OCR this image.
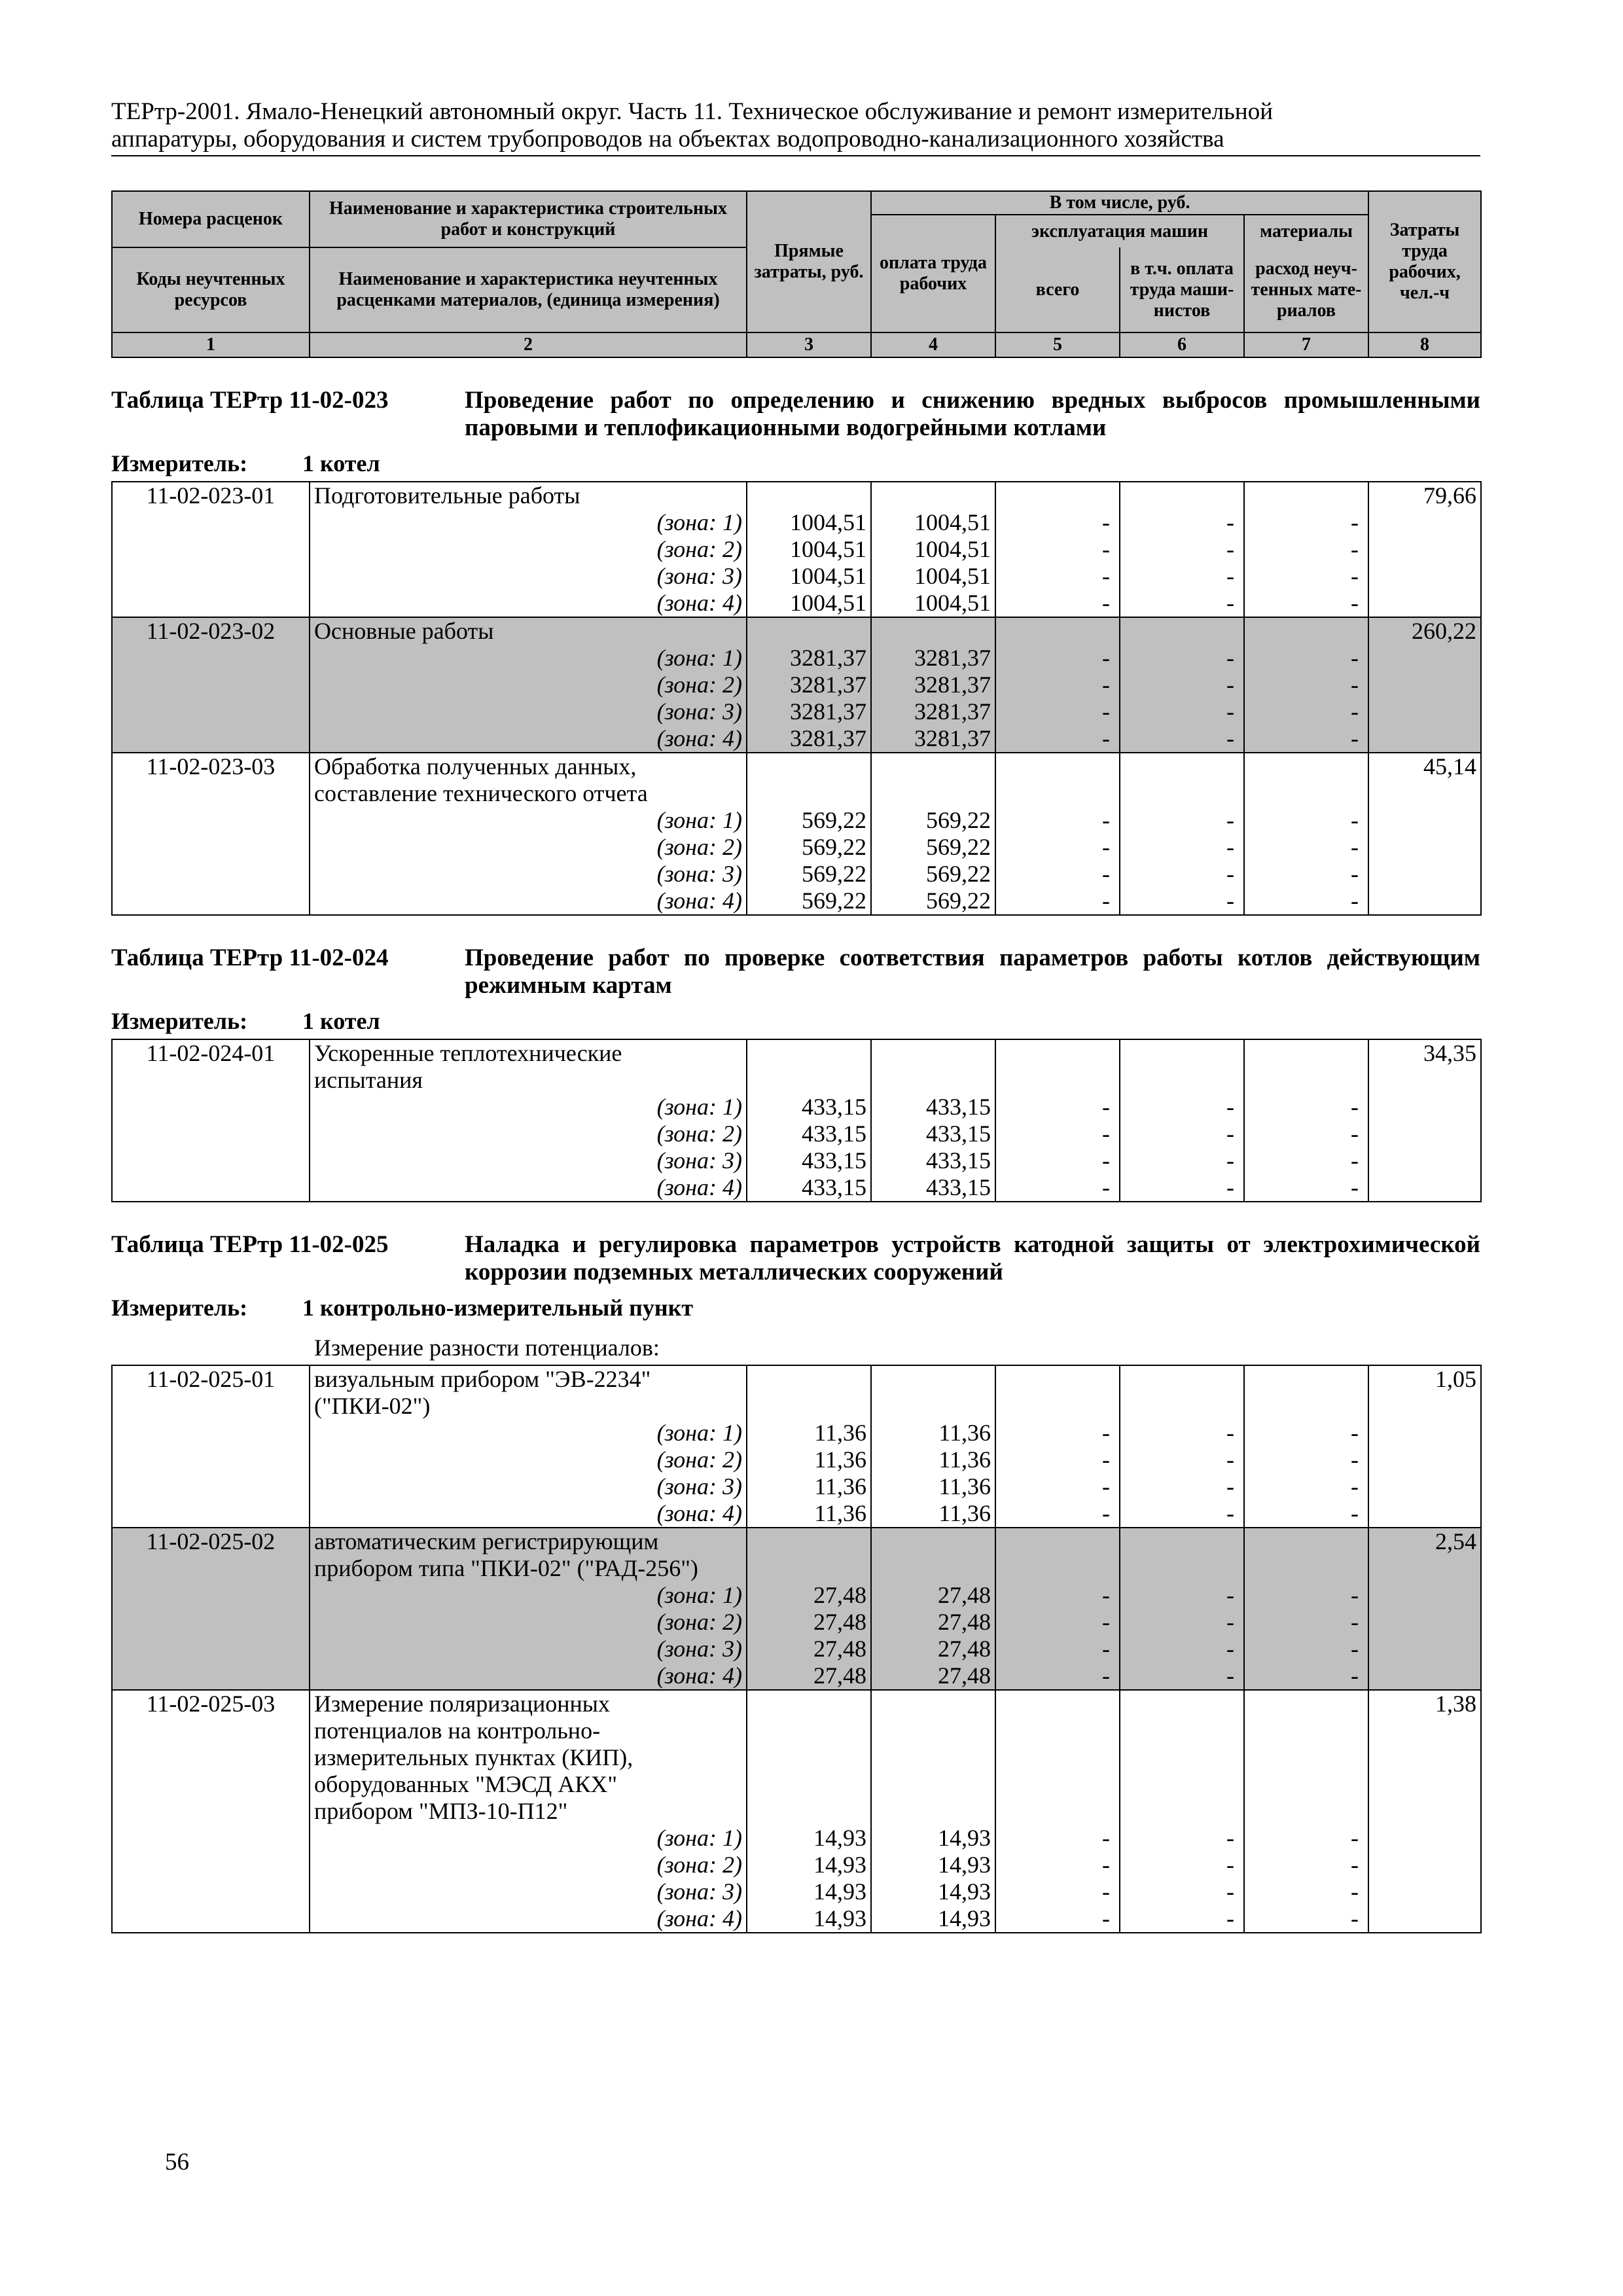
ТЕРтр-2001. Ямало-Ненецкий автономный округ. Часть 11. Техническое обслуживание и ремонт измерительной
аппаратуры, оборудования и систем трубопроводов на объектах водопроводно-канализационного хозяйства
Номера расценок	Наименование и характеристика строительных работ и конструкций	Прямые затраты, руб.	В том числе, руб.				Затраты труда рабочих, чел.-ч
			оплата труда рабочих	эксплуатация машин		материалы	
Коды неучтенных ресурсов	Наименование и характеристика неучтенных расценками материалов, (единица измерения)			всего	в т.ч. оплата труда маши-нистов	расход неуч-тенных мате-риалов	

1	2	3	4	5	6	7	8
Таблица ТЕРтр 11-02-023	Проведение работ по определению и снижению вредных выбросов промышленными паровыми и теплофикационными водогрейными котлами
Измеритель:	1 котел
11-02-023-01	Подготовительные работы						79,66
	(зона: 1)	1004,51	1004,51	-	-	-	
	(зона: 2)	1004,51	1004,51	-	-	-	
	(зона: 3)	1004,51	1004,51	-	-	-	
	(зона: 4)	1004,51	1004,51	-	-	-	
11-02-023-02	Основные работы						260,22
	(зона: 1)	3281,37	3281,37	-	-	-	
	(зона: 2)	3281,37	3281,37	-	-	-	
	(зона: 3)	3281,37	3281,37	-	-	-	
	(зона: 4)	3281,37	3281,37	-	-	-	
11-02-023-03	Обработка полученных данных,						45,14
	составление технического отчета						
	(зона: 1)	569,22	569,22	-	-	-	
	(зона: 2)	569,22	569,22	-	-	-	
	(зона: 3)	569,22	569,22	-	-	-	
	(зона: 4)	569,22	569,22	-	-	-	
Таблица ТЕРтр 11-02-024	Проведение работ по проверке соответствия параметров работы котлов действующим режимным картам
Измеритель:	1 котел
11-02-024-01	Ускоренные теплотехнические						34,35
	испытания						
	(зона: 1)	433,15	433,15	-	-	-	
	(зона: 2)	433,15	433,15	-	-	-	
	(зона: 3)	433,15	433,15	-	-	-	
	(зона: 4)	433,15	433,15	-	-	-	
Таблица ТЕРтр 11-02-025	Наладка и регулировка параметров устройств катодной защиты от электрохимической коррозии подземных металлических сооружений
Измеритель:	1 контрольно-измерительный пункт
Измерение разности потенциалов:
11-02-025-01	визуальным прибором "ЭВ-2234"						1,05
	("ПКИ-02")						
	(зона: 1)	11,36	11,36	-	-	-	
	(зона: 2)	11,36	11,36	-	-	-	
	(зона: 3)	11,36	11,36	-	-	-	
	(зона: 4)	11,36	11,36	-	-	-	
11-02-025-02	автоматическим регистрирующим						2,54
	прибором типа "ПКИ-02" ("РАД-256")						
	(зона: 1)	27,48	27,48	-	-	-	
	(зона: 2)	27,48	27,48	-	-	-	
	(зона: 3)	27,48	27,48	-	-	-	
	(зона: 4)	27,48	27,48	-	-	-	
11-02-025-03	Измерение поляризационных						1,38
	потенциалов на контрольно-						
	измерительных пунктах (КИП),						
	оборудованных "МЭСД АКХ"						
	прибором "МПЗ-10-П12"						
	(зона: 1)	14,93	14,93	-	-	-	
	(зона: 2)	14,93	14,93	-	-	-	
	(зона: 3)	14,93	14,93	-	-	-	
	(зона: 4)	14,93	14,93	-	-	-	
56
